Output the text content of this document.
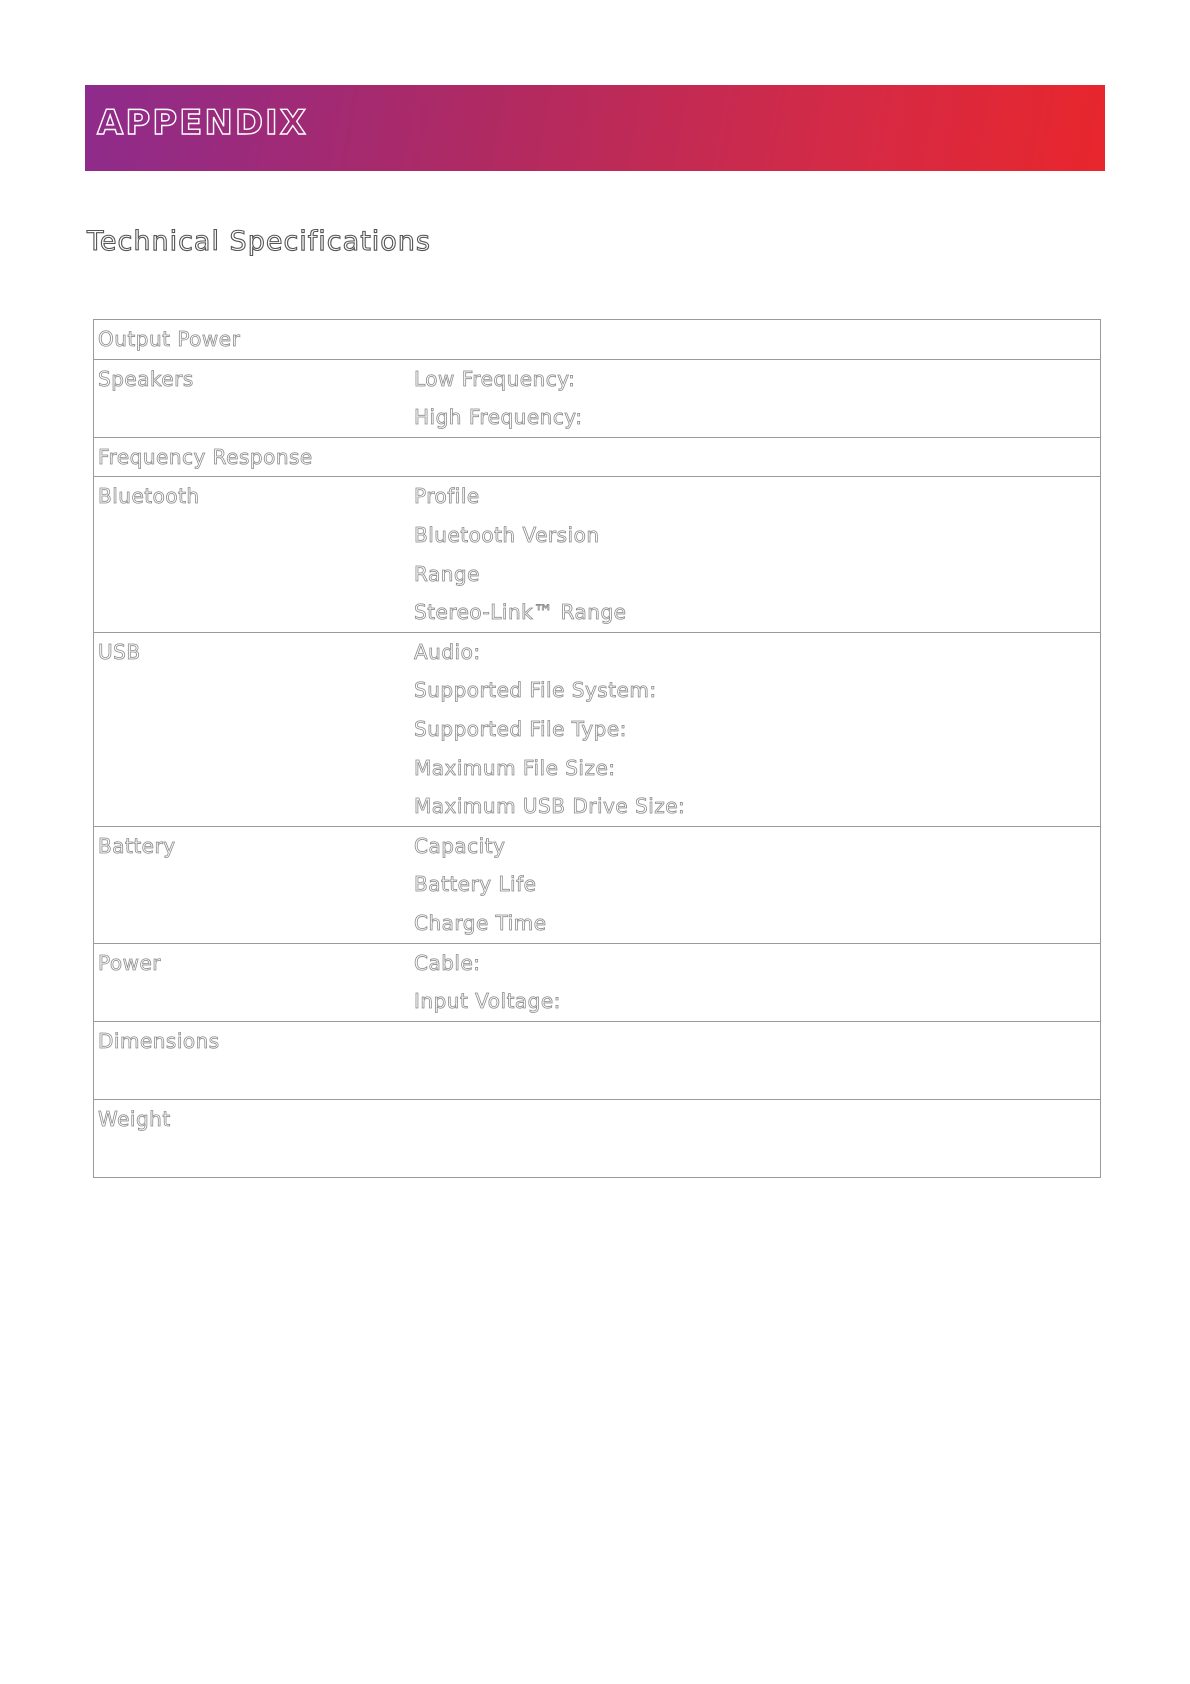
APPENDIX
Technical Specifications
Output Power	

Speakers	Low Frequency:
High Frequency:

Frequency Response	

Bluetooth	Profile
Bluetooth Version
Range
Stereo-Link™ Range

USB	Audio:
Supported File System:
Supported File Type:
Maximum File Size:
Maximum USB Drive Size:

Battery	Capacity
Battery Life
Charge Time

Power	Cable:
Input Voltage:

Dimensions	

Weight	
